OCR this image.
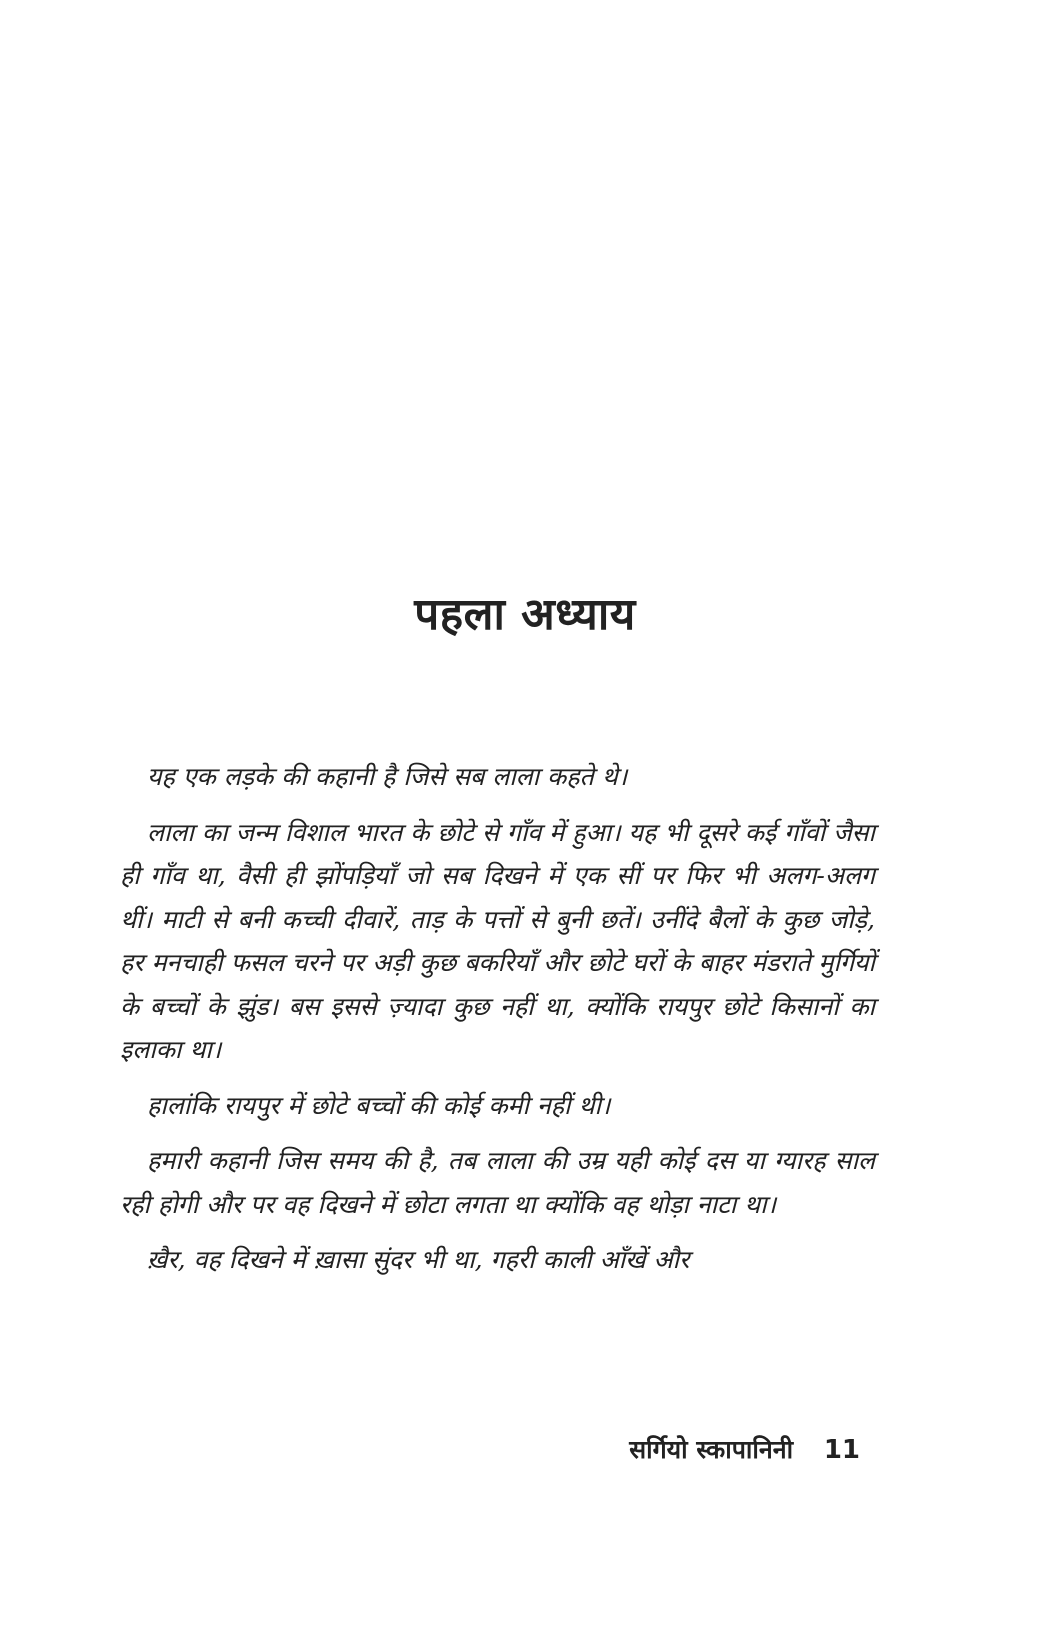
पहला अध्याय

यह एक लड़के की कहानी है जिसे सब लाला कहते थे।

लाला का जन्म विशाल भारत के छोटे से गाँव में हुआ। यह भी दूसरे कई गाँवों जैसा ही गाँव था, वैसी ही झोंपड़ियाँ जो सब दिखने में एक सीं पर फिर भी अलग-अलग थीं। माटी से बनी कच्ची दीवारें, ताड़ के पत्तों से बुनी छतें। उनींदे बैलों के कुछ जोड़े, हर मनचाही फसल चरने पर अड़ी कुछ बकरियाँ और छोटे घरों के बाहर मंडराते मुर्गियों के बच्चों के झुंड। बस इससे ज़्यादा कुछ नहीं था, क्योंकि रायपुर छोटे किसानों का इलाका था।

हालांकि रायपुर में छोटे बच्चों की कोई कमी नहीं थी।

हमारी कहानी जिस समय की है, तब लाला की उम्र यही कोई दस या ग्यारह साल रही होगी और पर वह दिखने में छोटा लगता था क्योंकि वह थोड़ा नाटा था।

ख़ैर, वह दिखने में ख़ासा सुंदर भी था, गहरी काली आँखें और

सर्गियो स्कापानिनी 11
